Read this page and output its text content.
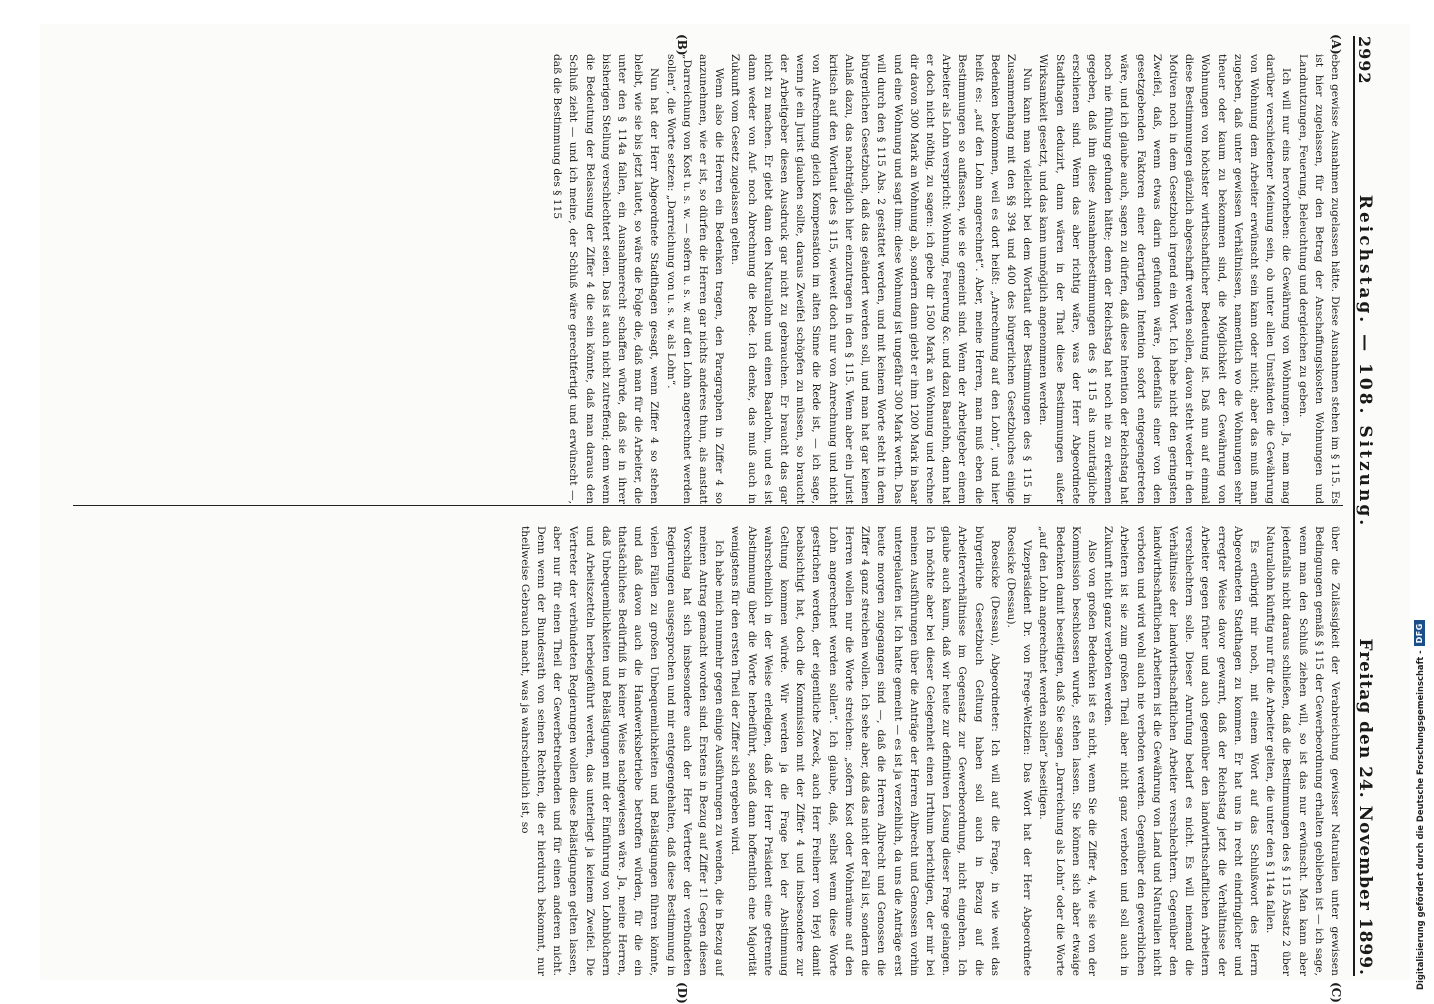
2992
Reichstag. — 108. Sitzung.
Freitag den 24. November 1899.
(A)
(B)
(C)
(D)

eben gewisse Ausnahmen zugelassen hätte. Diese Ausnahmen stehen im § 115. Es ist hier zugelassen, für den Betrag der Anschaffungskosten Wohnungen und Landnutzungen, Feuerung, Beleuchtung und dergleichen zu geben.

Ich will nur eins hervorheben: die Gewährung von Wohnungen. Ja, man mag darüber verschiedener Meinung sein, ob unter allen Umständen die Gewährung von Wohnung dem Arbeiter erwünscht sein kann oder nicht; aber das muß man zugeben, daß unter gewissen Verhältnissen, namentlich wo die Wohnungen sehr theuer oder kaum zu bekommen sind, die Möglichkeit der Gewährung von Wohnungen von höchster wirthschaftlicher Bedeutung ist. Daß nun auf einmal diese Bestimmungen gänzlich abgeschafft werden sollen, davon steht weder in den Motiven noch in dem Gesetzbuch irgend ein Wort. Ich habe nicht den geringsten Zweifel, daß, wenn etwas darin gefunden wäre, jedenfalls einer von den gesetzgebenden Faktoren einer derartigen Intention sofort entgegengetreten wäre, und ich glaube auch, sagen zu dürfen, daß diese Intention der Reichstag hat noch nie fühlung gefunden hätte; denn der Reichstag hat noch nie zu erkennen gegeben, daß ihm diese Ausnahmebestimmungen des § 115 als unzuträgliche erschienen sind. Wenn das aber richtig wäre, was der Herr Abgeordnete Stadthagen deduzirt, dann wären in der That diese Bestimmungen außer Wirksamkeit gesetzt, und das kann unmöglich angenommen werden.

Nun kann man vielleicht bei dem Wortlaut der Bestimmungen des § 115 in Zusammenhang mit den §§ 394 und 400 des bürgerlichen Gesetzbuches einige Bedenken bekommen, weil es dort heißt: „Anrechnung auf den Lohn“, und hier heißt es: „auf den Lohn angerechnet“. Aber, meine Herren, man muß eben die Bestimmungen so auffassen, wie sie gemeint sind. Wenn der Arbeitgeber einem Arbeiter als Lohn verspricht: Wohnung, Feuerung &c. und dazu Baarlohn, dann hat er doch nicht nöthig, zu sagen: ich gebe dir 1500 Mark an Wohnung und rechne dir davon 300 Mark an Wohnung ab, sondern dann giebt er ihm 1200 Mark in baar und eine Wohnung und sagt ihm: diese Wohnung ist ungefähr 300 Mark werth. Das will durch den § 115 Abs. 2 gestattet werden, und mit keinem Worte steht in dem bürgerlichen Gesetzbuch, daß das geändert werden soll, und man hat gar keinen Anlaß dazu, das nachträglich hier einzutragen in den § 115. Wenn aber ein Jurist kritisch auf den Wortlaut des § 115, wieweit doch nur von Anrechnung und nicht von Aufrechnung gleich Kompensation im alten Sinne die Rede ist, — ich sage, wenn je ein Jurist glauben sollte, daraus Zweifel schöpfen zu müssen, so braucht der Arbeitgeber diesen Ausdruck gar nicht zu gebrauchen. Er braucht das gar nicht zu machen. Er giebt dann den Naturallohn und einen Baarlohn, und es ist dann weder von Auf- noch Abrechnung die Rede. Ich denke, das muß auch in Zukunft vom Gesetz zugelassen gelten.

Wenn also die Herren ein Bedenken tragen, den Paragraphen in Ziffer 4 so anzunehmen, wie er ist, so dürfen die Herren gar nichts anderes thun, als anstatt „Darreichung von Kost u. s. w. — sofern u. s. w. auf den Lohn angerechnet werden sollen“, die Worte setzen: „Darreichung von u. s. w. als Lohn“.

Nun hat der Herr Abgeordnete Stadthagen gesagt, wenn Ziffer 4 so stehen bleibt, wie sie bis jetzt lautet, so wäre die Folge die, daß man für die Arbeiter, die unter den § 114a fallen, ein Ausnahmerecht schaffen würde, daß sie in ihrer bisherigen Stellung verschlechtert seien. Das ist auch nicht zutreffend; denn wenn die Bedeutung der Belassung der Ziffer 4 die sein könnte, daß man daraus den Schluß zieht — und ich meine, der Schluß wäre gerechtfertigt und erwünscht —, daß die Bestimmung des § 115

über die Zulässigkeit der Verabreichung gewisser Naturalien unter gewissen Bedingungen gemäß § 115 der Gewerbeordnung erhalten geblieben ist — ich sage, wenn man den Schluß ziehen will, so ist das nur erwünscht. Man kann aber jedenfalls nicht daraus schließen, daß die Bestimmungen des § 115 Absatz 2 über Naturallohn künftig nur für die Arbeiter gelten, die unter den § 114a fallen.

Es erübrigt mir noch, mit einem Wort auf das Schlußwort des Herrn Abgeordneten Stadthagen zu kommen. Er hat uns in recht eindringlicher und erregter Weise davor gewarnt, daß der Reichstag jetzt die Verhältnisse der Arbeiter gegen früher und auch gegenüber den landwirthschaftlichen Arbeitern verschlechtern solle. Dieser Anrufung bedarf es nicht. Es will niemand die Verhältnisse der landwirthschaftlichen Arbeiter verschlechtern. Gegenüber den landwirthschaftlichen Arbeitern ist die Gewährung von Land und Naturalien nicht verboten und wird wohl auch nie verboten werden. Gegenüber den gewerblichen Arbeitern ist sie zum großen Theil aber nicht ganz verboten und soll auch in Zukunft nicht ganz verboten werden.

Also von großen Bedenken ist es nicht, wenn Sie die Ziffer 4, wie sie von der Kommission beschlossen wurde, stehen lassen. Sie können sich aber etwaige Bedenken damit beseitigen, daß Sie sagen „Darreichung als Lohn“ oder die Worte „auf den Lohn angerechnet werden sollen“ beseitigen.

Vizepräsident Dr. von Frege-Weltzien: Das Wort hat der Herr Abgeordnete Roesicke (Dessau).

Roesicke (Dessau), Abgeordneter: Ich will auf die Frage, in wie weit das bürgerliche Gesetzbuch Geltung haben soll auch in Bezug auf die Arbeiterverhältnisse im Gegensatz zur Gewerbeordnung, nicht eingehen. Ich glaube auch kaum, daß wir heute zur definitiven Lösung dieser Frage gelangen. Ich möchte aber bei dieser Gelegenheit einen Irrthum berichtigen, der mir bei meinen Ausführungen über die Anträge der Herren Albrecht und Genossen vorhin untergelaufen ist. Ich hatte gemeint — es ist ja verzeihlich, da uns die Anträge erst heute morgen zugegangen sind —, daß die Herren Albrecht und Genossen die Ziffer 4 ganz streichen wollen. Ich sehe aber, daß das nicht der Fall ist, sondern die Herren wollen nur die Worte streichen: „sofern Kost oder Wohnräume auf den Lohn angerechnet werden sollen“. Ich glaube, daß, selbst wenn diese Worte gestrichen werden, der eigentliche Zweck, auch Herr Freiherr von Heyl damit beabsichtigt hat, doch die Kommission mit der Ziffer 4 und insbesondere zur Geltung kommen würde. Wir werden ja die Frage bei der Abstimmung wahrscheinlich in der Weise erledigen, daß der Herr Präsident eine getrennte Abstimmung über die Worte herbeiführt, sodaß dann hoffentlich eine Majorität wenigstens für den ersten Theil der Ziffer sich ergeben wird.

Ich habe mich nunmehr gegen einige Ausführungen zu wenden, die in Bezug auf meinen Antrag gemacht worden sind. Erstens in Bezug auf Ziffer 1! Gegen diesen Vorschlag hat sich insbesondere auch der Herr Vertreter der verbündeten Regierungen ausgesprochen und mir entgegengehalten, daß diese Bestimmung in vielen Fällen zu großen Unbequemlichkeiten und Belästigungen führen könnte, und daß davon auch die Handwerksbetriebe betroffen würden, für die ein thatsächliches Bedürfniß in keiner Weise nachgewiesen wäre. Ja, meine Herren, daß Unbequemlichkeiten und Belästigungen mit der Einführung von Lohnbüchern und Arbeitszetteln herbeigeführt werden, das unterliegt ja keinem Zweifel. Die Vertreter der verbündeten Regierungen wollen diese Belästigungen gelten lassen, aber nur für einen Theil der Gewerbetreibenden und für einen anderen nicht. Denn wenn der Bundesrath von seinen Rechten, die er hierdurch bekommt, nur theilweise Gebrauch macht, was ja wahrscheinlich ist, so	Digitalisierung gefördert durch die Deutsche Forschungsgemeinschaft -
DFG
